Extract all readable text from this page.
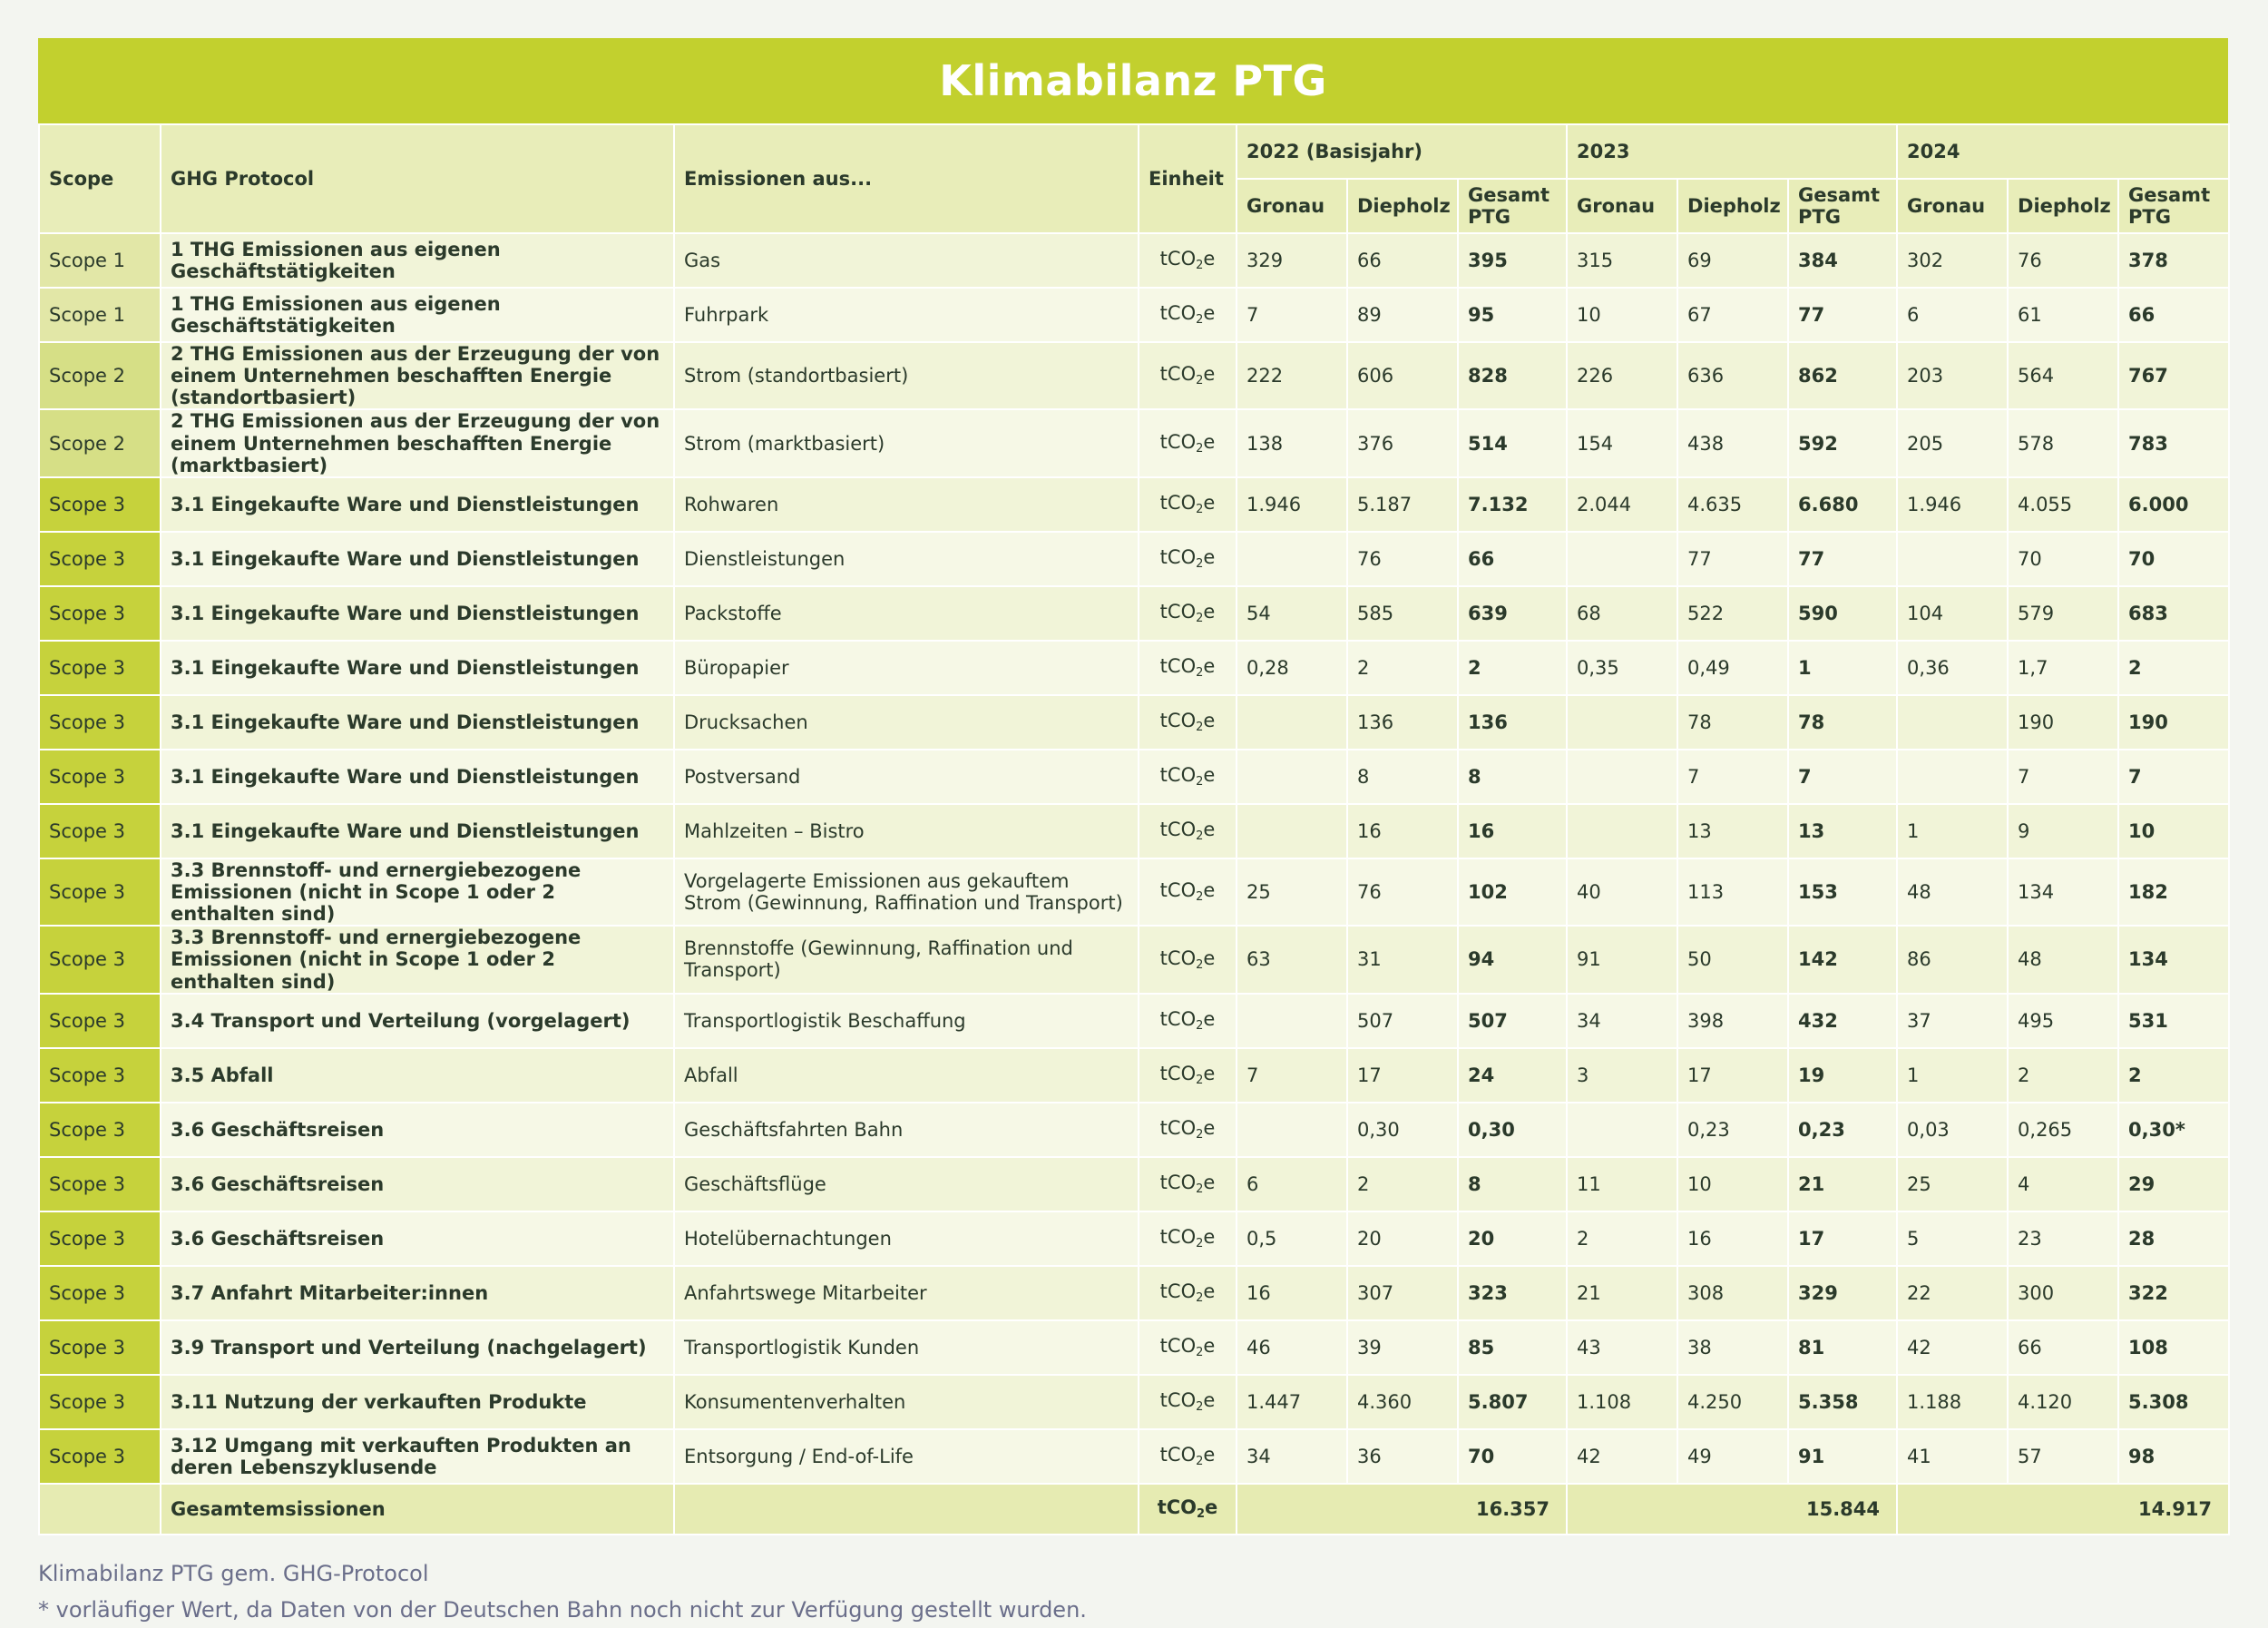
Klimabilanz PTG
Scope	GHG Protocol	Emissionen aus...	Einheit	2022 (Basisjahr)			2023			2024		
				Gronau	Diepholz	Gesamt PTG	Gronau	Diepholz	Gesamt PTG	Gronau	Diepholz	Gesamt PTG
Scope 1	1 THG Emissionen aus eigenen Geschäftstätigkeiten	Gas	tCO$_2$e	329	66	395	315	69	384	302	76	378
Scope 1	1 THG Emissionen aus eigenen Geschäftstätigkeiten	Fuhrpark	tCO$_2$e	7	89	95	10	67	77	6	61	66
Scope 2	2 THG Emissionen aus der Erzeugung der von einem Unternehmen beschafften Energie (standortbasiert)	Strom (standortbasiert)	tCO$_2$e	222	606	828	226	636	862	203	564	767
Scope 2	2 THG Emissionen aus der Erzeugung der von einem Unternehmen beschafften Energie (marktbasiert)	Strom (marktbasiert)	tCO$_2$e	138	376	514	154	438	592	205	578	783
Scope 3	3.1 Eingekaufte Ware und Dienstleistungen	Rohwaren	tCO$_2$e	1.946	5.187	7.132	2.044	4.635	6.680	1.946	4.055	6.000
Scope 3	3.1 Eingekaufte Ware und Dienstleistungen	Dienstleistungen	tCO$_2$e		76	66		77	77		70	70
Scope 3	3.1 Eingekaufte Ware und Dienstleistungen	Packstoffe	tCO$_2$e	54	585	639	68	522	590	104	579	683
Scope 3	3.1 Eingekaufte Ware und Dienstleistungen	Büropapier	tCO$_2$e	0,28	2	2	0,35	0,49	1	0,36	1,7	2
Scope 3	3.1 Eingekaufte Ware und Dienstleistungen	Drucksachen	tCO$_2$e		136	136		78	78		190	190
Scope 3	3.1 Eingekaufte Ware und Dienstleistungen	Postversand	tCO$_2$e		8	8		7	7		7	7
Scope 3	3.1 Eingekaufte Ware und Dienstleistungen	Mahlzeiten – Bistro	tCO$_2$e		16	16		13	13	1	9	10
Scope 3	3.3 Brennstoff- und ernergiebezogene Emissionen (nicht in Scope 1 oder 2 enthalten sind)	Vorgelagerte Emissionen aus gekauftem Strom (Gewinnung, Raffination und Transport)	tCO$_2$e	25	76	102	40	113	153	48	134	182
Scope 3	3.3 Brennstoff- und ernergiebezogene Emissionen (nicht in Scope 1 oder 2 enthalten sind)	Brennstoffe (Gewinnung, Raffination und Transport)	tCO$_2$e	63	31	94	91	50	142	86	48	134
Scope 3	3.4 Transport und Verteilung (vorgelagert)	Transportlogistik Beschaffung	tCO$_2$e		507	507	34	398	432	37	495	531
Scope 3	3.5 Abfall	Abfall	tCO$_2$e	7	17	24	3	17	19	1	2	2
Scope 3	3.6 Geschäftsreisen	Geschäftsfahrten Bahn	tCO$_2$e		0,30	0,30		0,23	0,23	0,03	0,265	0,30*
Scope 3	3.6 Geschäftsreisen	Geschäftsflüge	tCO$_2$e	6	2	8	11	10	21	25	4	29
Scope 3	3.6 Geschäftsreisen	Hotelübernachtungen	tCO$_2$e	0,5	20	20	2	16	17	5	23	28
Scope 3	3.7 Anfahrt Mitarbeiter:innen	Anfahrtswege Mitarbeiter	tCO$_2$e	16	307	323	21	308	329	22	300	322
Scope 3	3.9 Transport und Verteilung (nachgelagert)	Transportlogistik Kunden	tCO$_2$e	46	39	85	43	38	81	42	66	108
Scope 3	3.11 Nutzung der verkauften Produkte	Konsumentenverhalten	tCO$_2$e	1.447	4.360	5.807	1.108	4.250	5.358	1.188	4.120	5.308
Scope 3	3.12 Umgang mit verkauften Produkten an deren Lebenszyklusende	Entsorgung / End-of-Life	tCO$_2$e	34	36	70	42	49	91	41	57	98
	Gesamtemsissionen		tCO$_2$e	16.357			15.844			14.917		
Klimabilanz PTG gem. GHG-Protocol
* vorläufiger Wert, da Daten von der Deutschen Bahn noch nicht zur Verfügung gestellt wurden.
